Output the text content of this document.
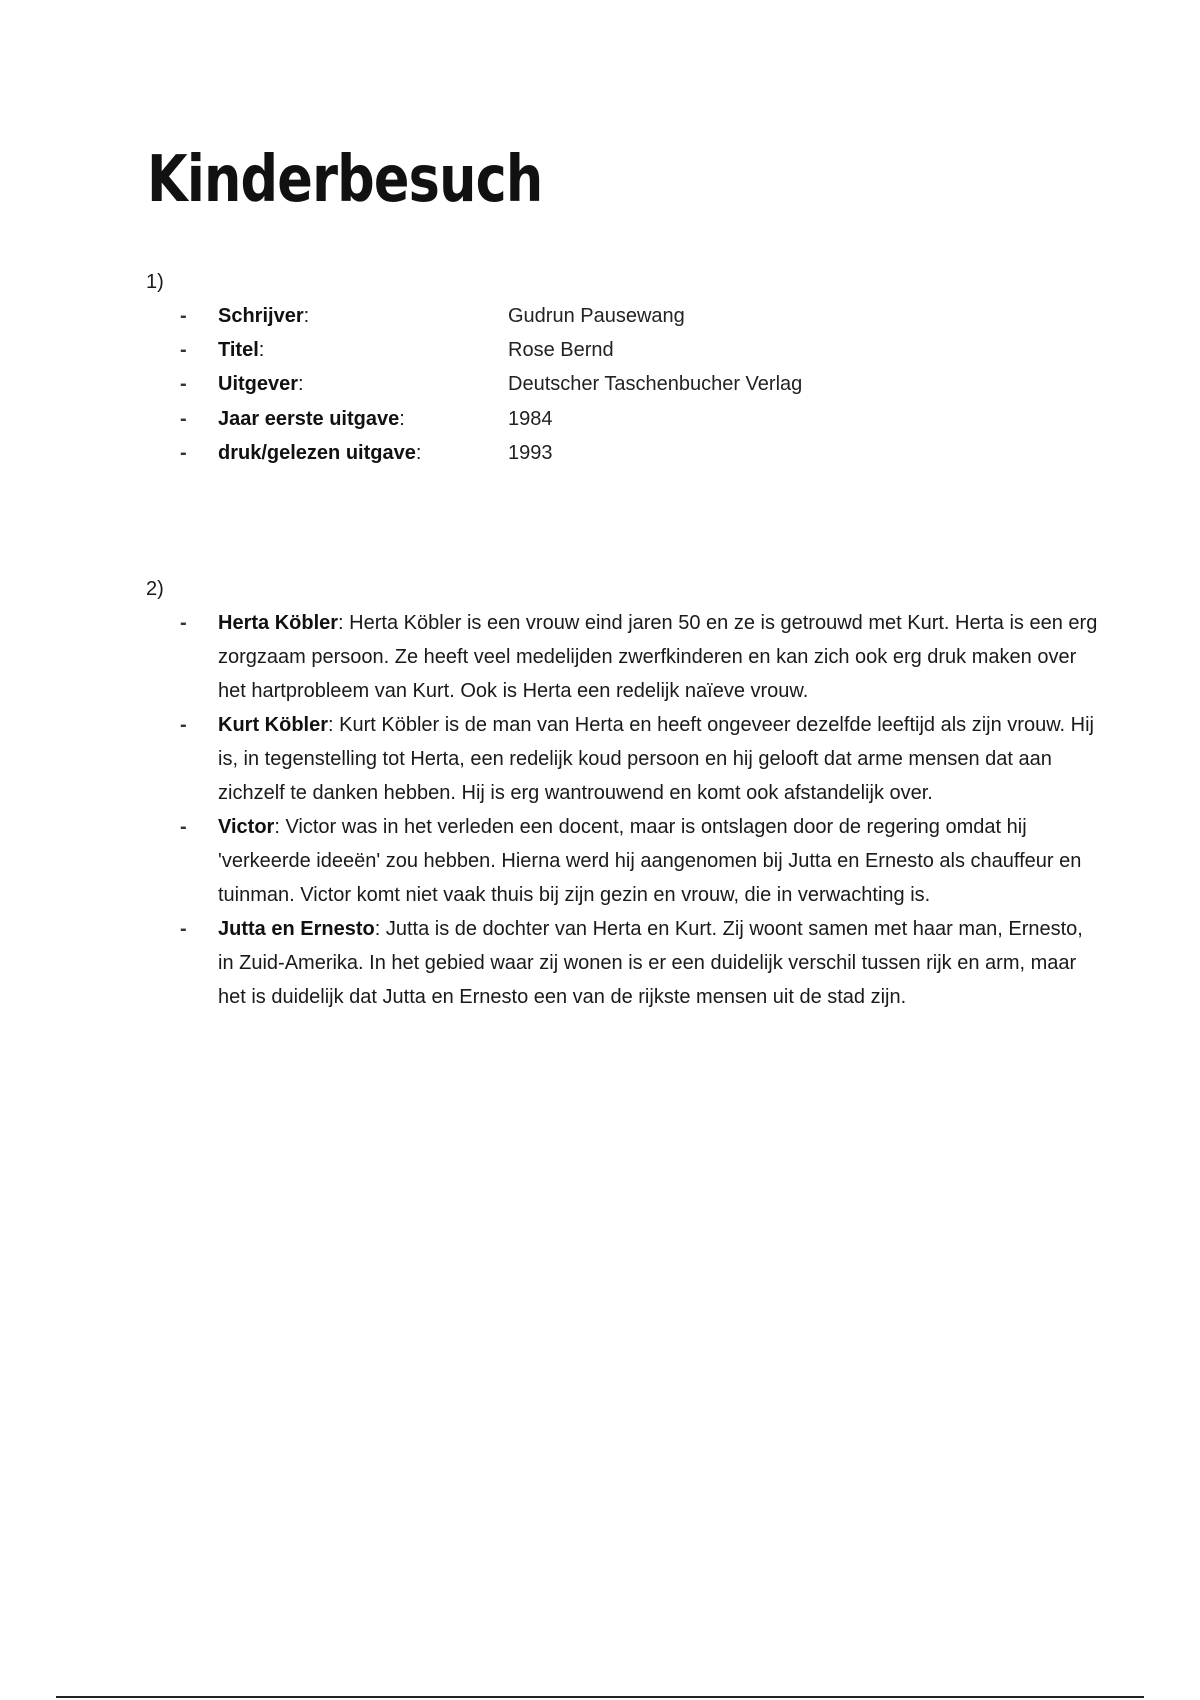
Kinderbesuch
1)
-	Schrijver:	Gudrun Pausewang
-	Titel:	Rose Bernd
-	Uitgever:	Deutscher Taschenbucher Verlag
-	Jaar eerste uitgave:	1984
-	druk/gelezen uitgave:	1993
2)
-	Herta Köbler: Herta Köbler is een vrouw eind jaren 50 en ze is getrouwd met Kurt. Herta is een erg zorgzaam persoon. Ze heeft veel medelijden zwerfkinderen en kan zich ook erg druk maken over het hartprobleem van Kurt. Ook is Herta een redelijk naïeve vrouw.
-	Kurt Köbler: Kurt Köbler is de man van Herta en heeft ongeveer dezelfde leeftijd als zijn vrouw. Hij is, in tegenstelling tot Herta, een redelijk koud persoon en hij gelooft dat arme mensen dat aan zichzelf te danken hebben. Hij is erg wantrouwend en komt ook afstandelijk over.
-	Victor: Victor was in het verleden een docent, maar is ontslagen door de regering omdat hij 'verkeerde ideeën' zou hebben. Hierna werd hij aangenomen bij Jutta en Ernesto als chauffeur en tuinman. Victor komt niet vaak thuis bij zijn gezin en vrouw, die in verwachting is.
-	Jutta en Ernesto: Jutta is de dochter van Herta en Kurt. Zij woont samen met haar man, Ernesto, in Zuid-Amerika. In het gebied waar zij wonen is er een duidelijk verschil tussen rijk en arm, maar het is duidelijk dat Jutta en Ernesto een van de rijkste mensen uit de stad zijn.
